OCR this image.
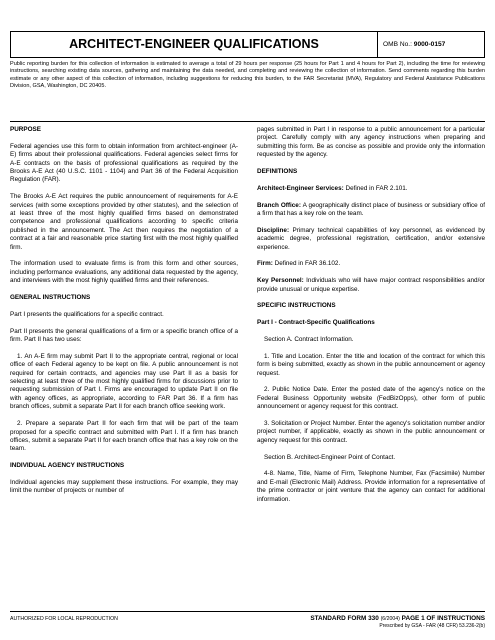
ARCHITECT-ENGINEER QUALIFICATIONS	OMB No.: 9000-0157
Public reporting burden for this collection of information is estimated to average a total of 29 hours per response (25 hours for Part 1 and 4 hours for Part 2), including the time for reviewing instructions, searching existing data sources, gathering and maintaining the data needed, and completing and reviewing the collection of information. Send comments regarding this burden estimate or any other aspect of this collection of information, including suggestions for reducing this burden, to the FAR Secretariat (MVA), Regulatory and Federal Assistance Publications Division, GSA, Washington, DC 20405.

PURPOSE

Federal agencies use this form to obtain information from architect-engineer (A-E) firms about their professional qualifications. Federal agencies select firms for A-E contracts on the basis of professional qualifications as required by the Brooks A-E Act (40 U.S.C. 1101 - 1104) and Part 36 of the Federal Acquisition Regulation (FAR).

The Brooks A-E Act requires the public announcement of requirements for A-E services (with some exceptions provided by other statutes), and the selection of at least three of the most highly qualified firms based on demonstrated competence and professional qualifications according to specific criteria published in the announcement. The Act then requires the negotiation of a contract at a fair and reasonable price starting first with the most highly qualified firm.

The information used to evaluate firms is from this form and other sources, including performance evaluations, any additional data requested by the agency, and interviews with the most highly qualified firms and their references.

GENERAL INSTRUCTIONS

Part I presents the qualifications for a specific contract.

Part II presents the general qualifications of a firm or a specific branch office of a firm. Part II has two uses:

1. An A-E firm may submit Part II to the appropriate central, regional or local office of each Federal agency to be kept on file. A public announcement is not required for certain contracts, and agencies may use Part II as a basis for selecting at least three of the most highly qualified firms for discussions prior to requesting submission of Part I. Firms are encouraged to update Part II on file with agency offices, as appropriate, according to FAR Part 36. If a firm has branch offices, submit a separate Part II for each branch office seeking work.

2. Prepare a separate Part II for each firm that will be part of the team proposed for a specific contract and submitted with Part I. If a firm has branch offices, submit a separate Part II for each branch office that has a key role on the team.

INDIVIDUAL AGENCY INSTRUCTIONS

Individual agencies may supplement these instructions. For example, they may limit the number of projects or number of

pages submitted in Part I in response to a public announcement for a particular project. Carefully comply with any agency instructions when preparing and submitting this form. Be as concise as possible and provide only the information requested by the agency.

DEFINITIONS

Architect-Engineer Services: Defined in FAR 2.101.

Branch Office: A geographically distinct place of business or subsidiary office of a firm that has a key role on the team.

Discipline: Primary technical capabilities of key personnel, as evidenced by academic degree, professional registration, certification, and/or extensive experience.

Firm: Defined in FAR 36.102.

Key Personnel: Individuals who will have major contract responsibilities and/or provide unusual or unique expertise.

SPECIFIC INSTRUCTIONS

Part I - Contract-Specific Qualifications

Section A. Contract Information.

1. Title and Location. Enter the title and location of the contract for which this form is being submitted, exactly as shown in the public announcement or agency request.

2. Public Notice Date. Enter the posted date of the agency's notice on the Federal Business Opportunity website (FedBizOpps), other form of public announcement or agency request for this contract.

3. Solicitation or Project Number. Enter the agency's solicitation number and/or project number, if applicable, exactly as shown in the public announcement or agency request for this contract.

Section B. Architect-Engineer Point of Contact.

4-8. Name, Title, Name of Firm, Telephone Number, Fax (Facsimile) Number and E-mail (Electronic Mail) Address. Provide information for a representative of the prime contractor or joint venture that the agency can contact for additional information.

AUTHORIZED FOR LOCAL REPRODUCTION	STANDARD FORM 330 (6/2004) PAGE 1 OF INSTRUCTIONS
Prescribed by GSA - FAR (48 CFR) 53.236-2(b)
